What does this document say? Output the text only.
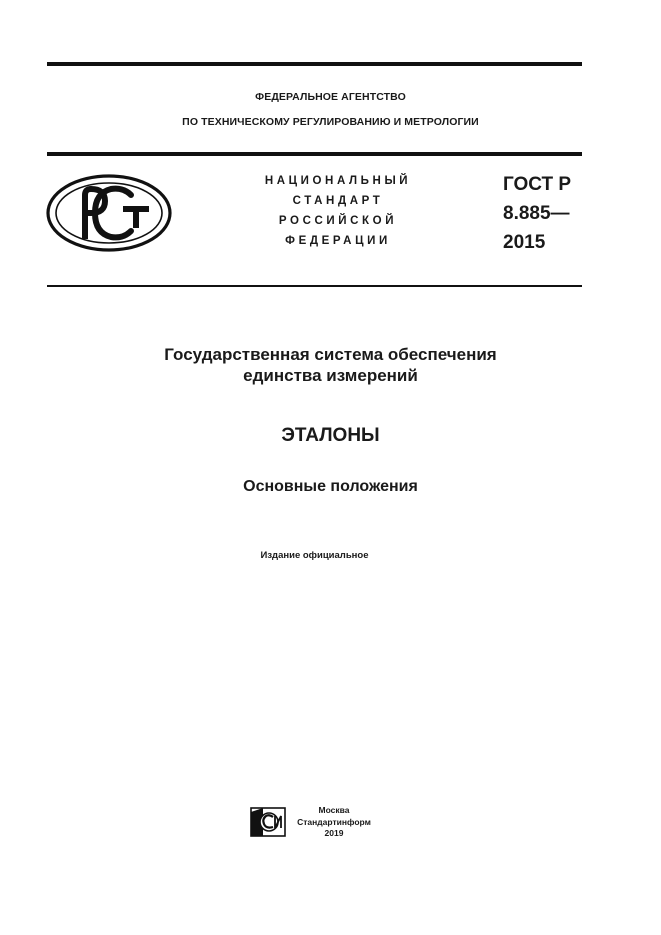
ФЕДЕРАЛЬНОЕ АГЕНТСТВО
ПО ТЕХНИЧЕСКОМУ РЕГУЛИРОВАНИЮ И МЕТРОЛОГИИ
НАЦИОНАЛЬНЫЙ
СТАНДАРТ
РОССИЙСКОЙ
ФЕДЕРАЦИИ
ГОСТ Р
8.885—
2015
Государственная система обеспечения
единства измерений
ЭТАЛОНЫ
Основные положения
Издание официальное
Москва
Стандартинформ
2019
